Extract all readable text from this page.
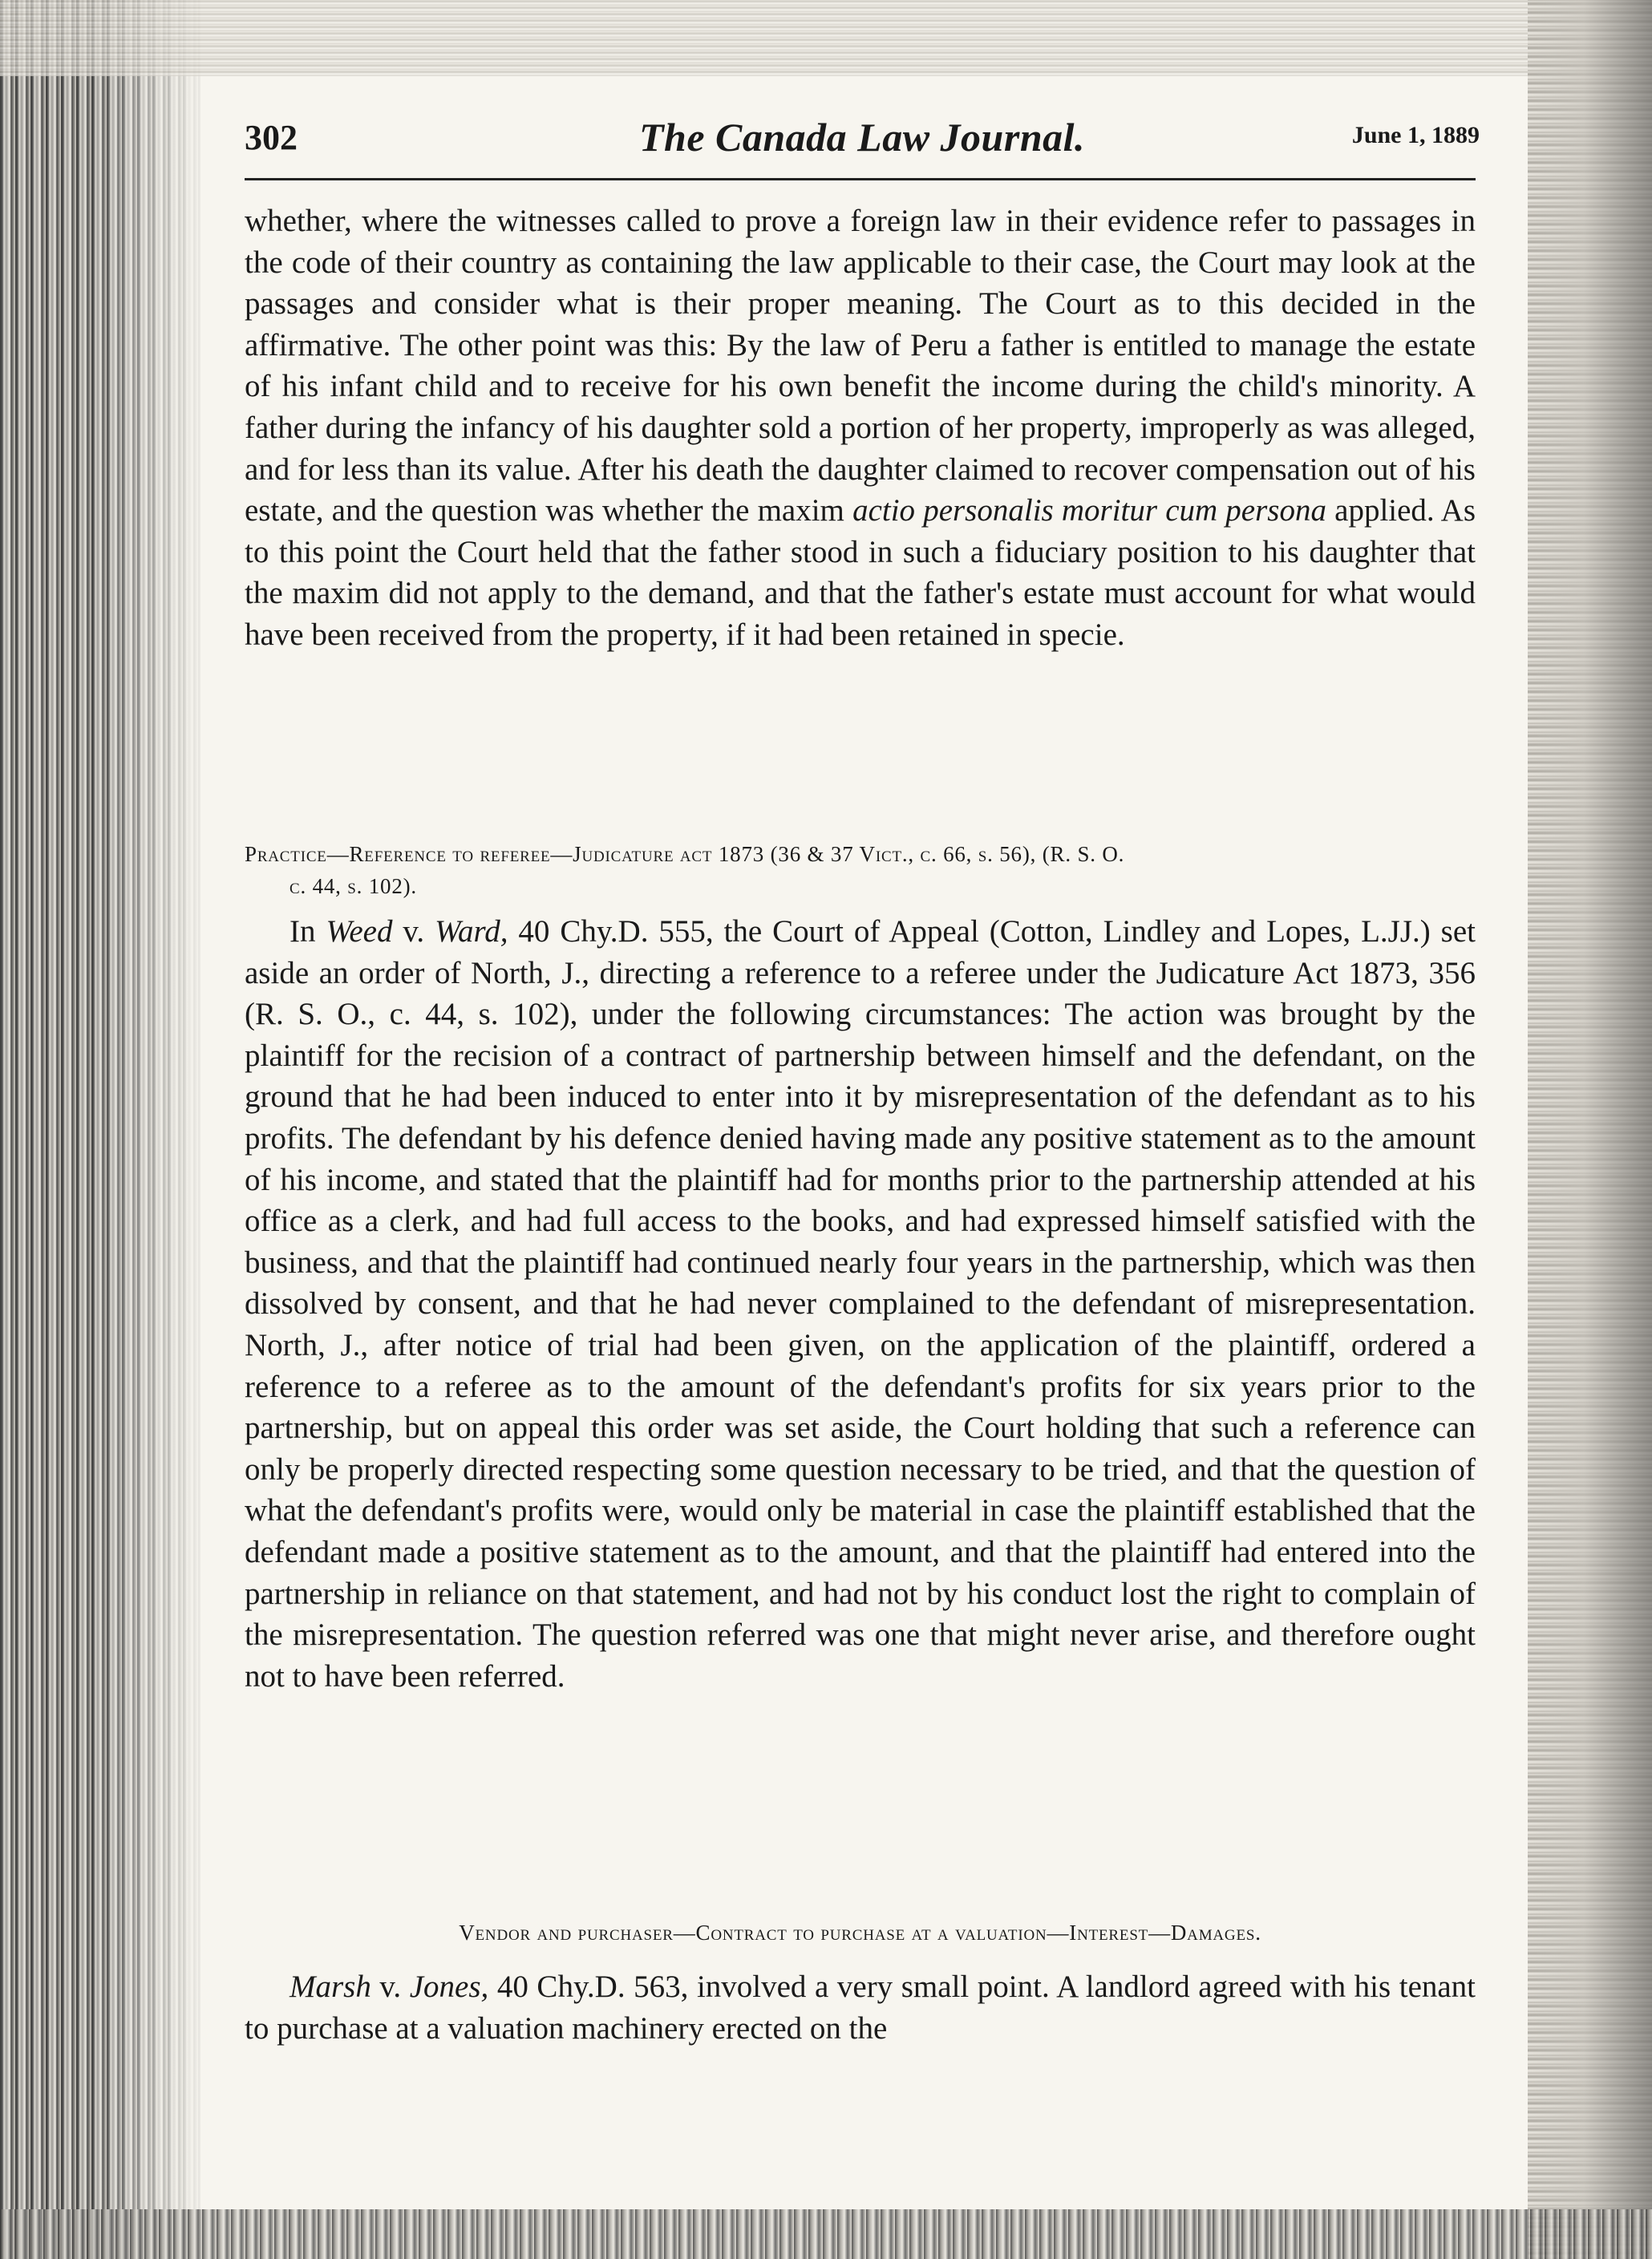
302	The Canada Law Journal.	June 1, 1889
whether, where the witnesses called to prove a foreign law in their evidence refer to passages in the code of their country as containing the law applicable to their case, the Court may look at the passages and consider what is their proper meaning. The Court as to this decided in the affirmative. The other point was this: By the law of Peru a father is entitled to manage the estate of his infant child and to receive for his own benefit the income during the child's minority. A father during the infancy of his daughter sold a portion of her property, improperly as was alleged, and for less than its value. After his death the daughter claimed to recover compensation out of his estate, and the question was whether the maxim actio personalis moritur cum persona applied. As to this point the Court held that the father stood in such a fiduciary position to his daughter that the maxim did not apply to the demand, and that the father's estate must account for what would have been received from the property, if it had been retained in specie.
Practice—Reference to referee—Judicature act 1873 (36 & 37 Vict., c. 66, s. 56), (R. S. O.
c. 44, s. 102).
In Weed v. Ward, 40 Chy.D. 555, the Court of Appeal (Cotton, Lindley and Lopes, L.JJ.) set aside an order of North, J., directing a reference to a referee under the Judicature Act 1873, 356 (R. S. O., c. 44, s. 102), under the following circumstances: The action was brought by the plaintiff for the recision of a contract of partnership between himself and the defendant, on the ground that he had been induced to enter into it by misrepresentation of the defendant as to his profits. The defendant by his defence denied having made any positive statement as to the amount of his income, and stated that the plaintiff had for months prior to the partnership attended at his office as a clerk, and had full access to the books, and had expressed himself satisfied with the business, and that the plaintiff had continued nearly four years in the partnership, which was then dissolved by consent, and that he had never complained to the defendant of misrepresentation. North, J., after notice of trial had been given, on the application of the plaintiff, ordered a reference to a referee as to the amount of the defendant's profits for six years prior to the partnership, but on appeal this order was set aside, the Court holding that such a reference can only be properly directed respecting some question necessary to be tried, and that the question of what the defendant's profits were, would only be material in case the plaintiff established that the defendant made a positive statement as to the amount, and that the plaintiff had entered into the partnership in reliance on that statement, and had not by his conduct lost the right to complain of the misrepresentation. The question referred was one that might never arise, and therefore ought not to have been referred.
Vendor and purchaser—Contract to purchase at a valuation—Interest—Damages.
Marsh v. Jones, 40 Chy.D. 563, involved a very small point. A landlord agreed with his tenant to purchase at a valuation machinery erected on the
